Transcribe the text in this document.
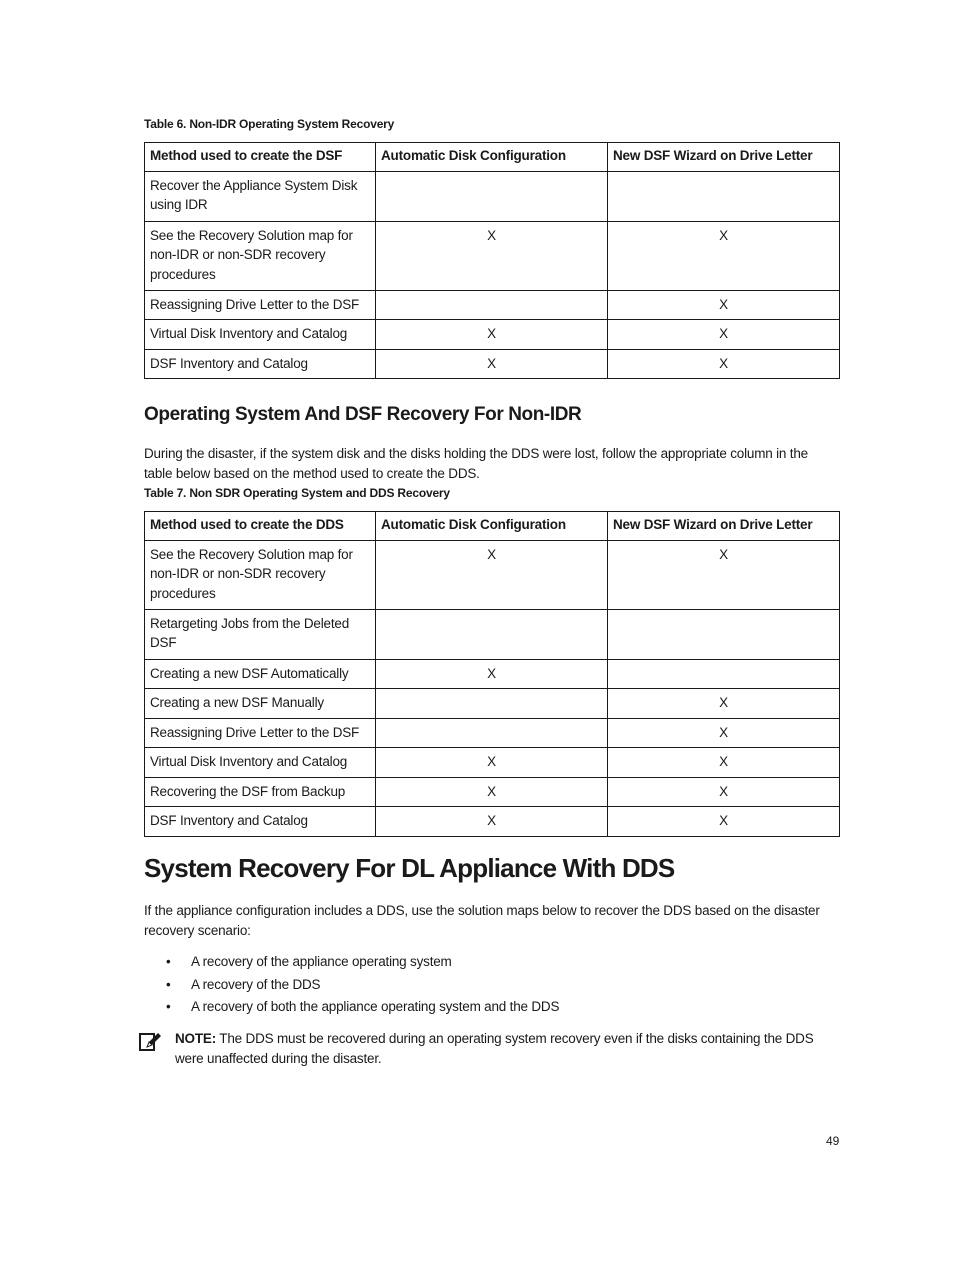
Table 6. Non-IDR Operating System Recovery
Method used to create the DSF	Automatic Disk Configuration	New DSF Wizard on Drive Letter
Recover the Appliance System Disk using IDR		
See the Recovery Solution map for non-IDR or non-SDR recovery procedures	X	X
Reassigning Drive Letter to the DSF		X
Virtual Disk Inventory and Catalog	X	X
DSF Inventory and Catalog	X	X
Operating System And DSF Recovery For Non-IDR
During the disaster, if the system disk and the disks holding the DDS were lost, follow the appropriate column in the table below based on the method used to create the DDS.
Table 7. Non SDR Operating System and DDS Recovery
Method used to create the DDS	Automatic Disk Configuration	New DSF Wizard on Drive Letter
See the Recovery Solution map for non-IDR or non-SDR recovery procedures	X	X
Retargeting Jobs from the Deleted DSF		
Creating a new DSF Automatically	X	
Creating a new DSF Manually		X
Reassigning Drive Letter to the DSF		X
Virtual Disk Inventory and Catalog	X	X
Recovering the DSF from Backup	X	X
DSF Inventory and Catalog	X	X
System Recovery For DL Appliance With DDS
If the appliance configuration includes a DDS, use the solution maps below to recover the DDS based on the disaster recovery scenario:
• A recovery of the appliance operating system
• A recovery of the DDS
• A recovery of both the appliance operating system and the DDS
NOTE: The DDS must be recovered during an operating system recovery even if the disks containing the DDS were unaffected during the disaster.
49
